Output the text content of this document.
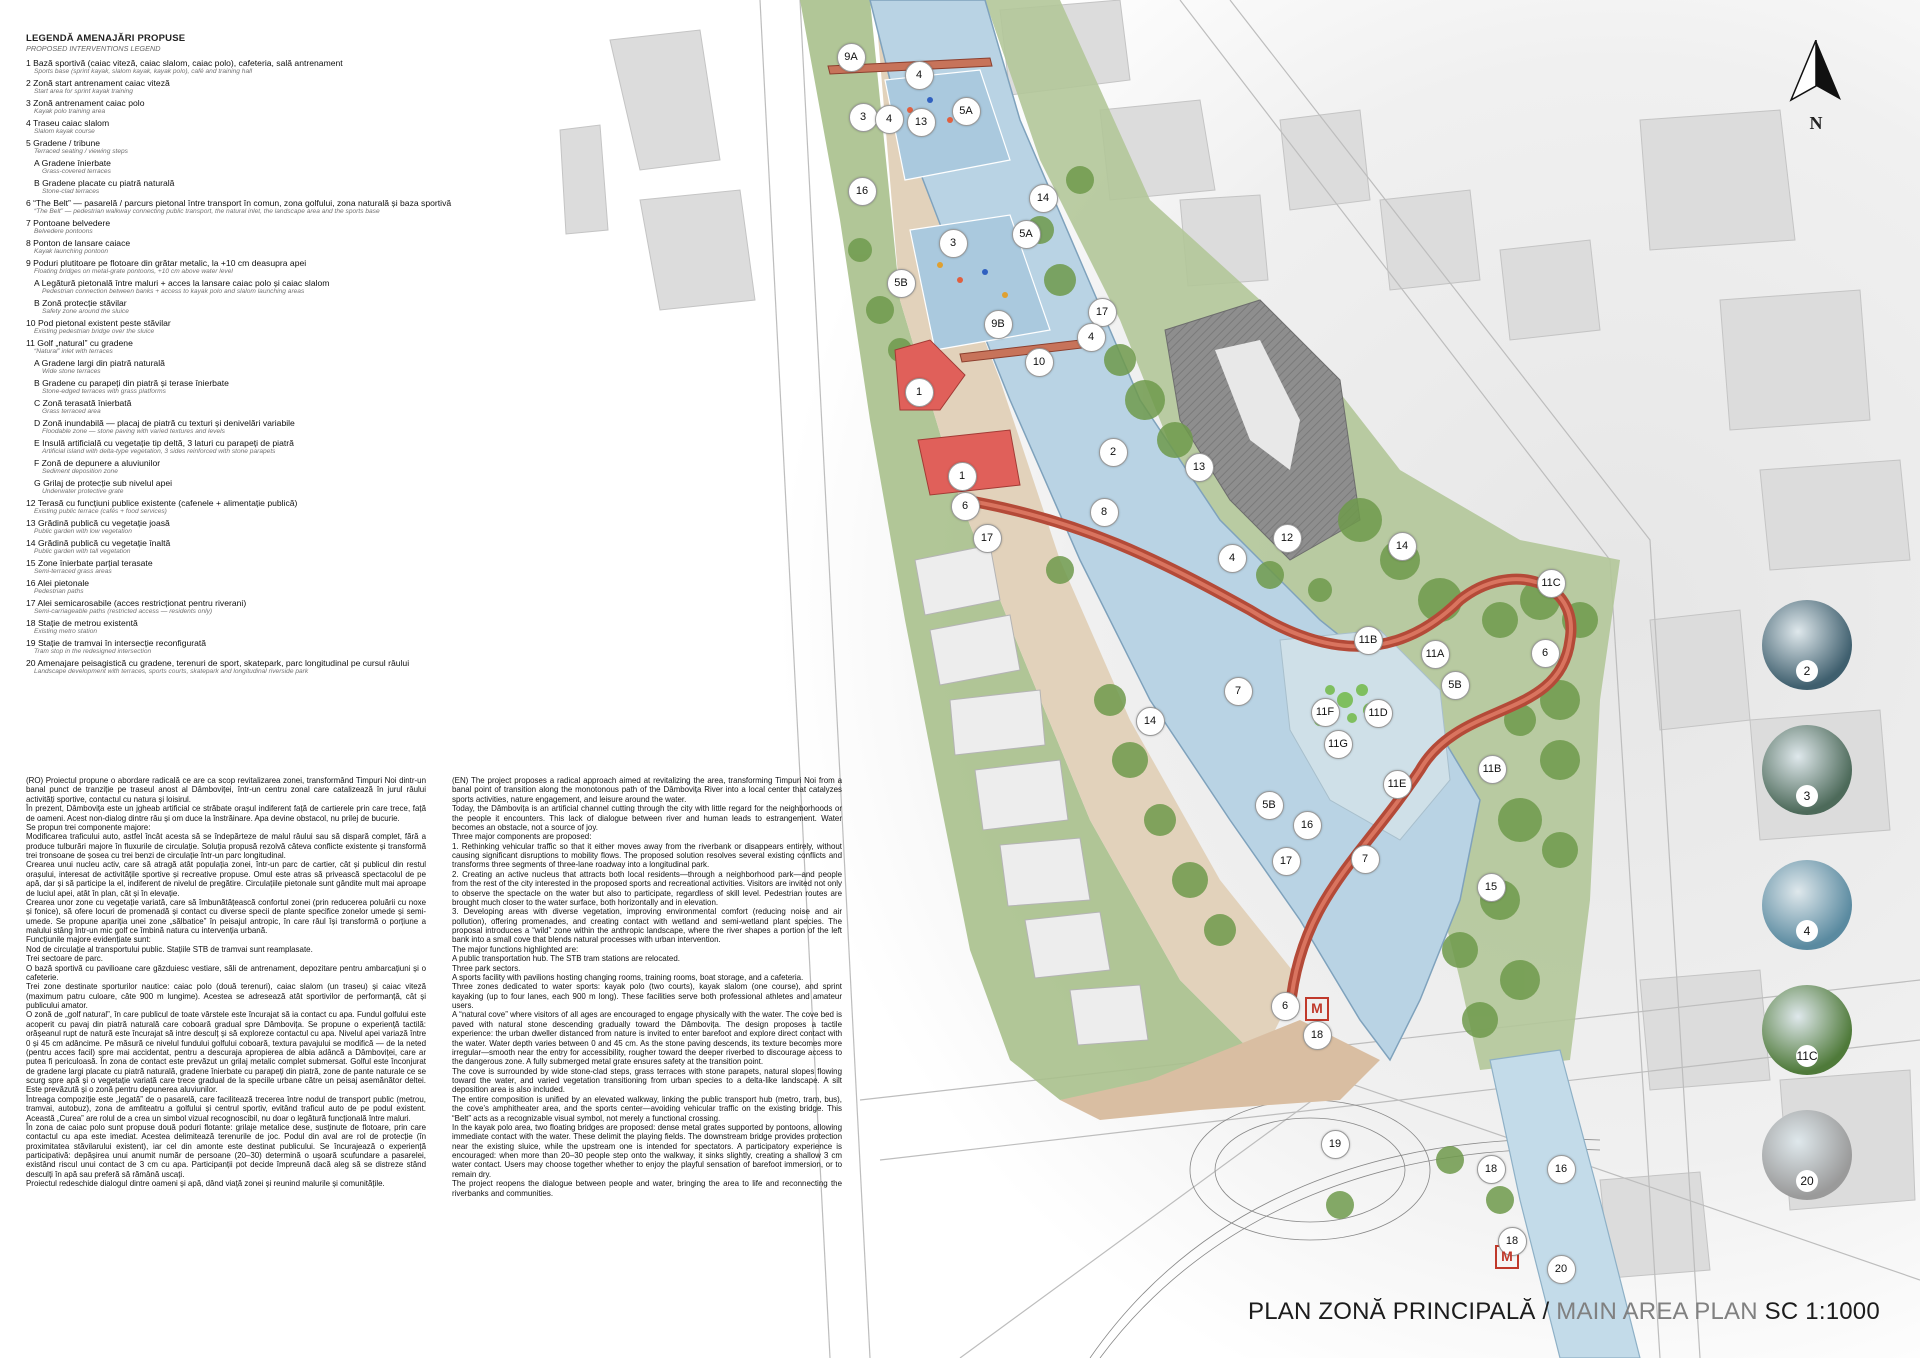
LEGENDĂ AMENAJĂRI PROPUSE
PROPOSED INTERVENTIONS LEGEND
1 Bază sportivă (caiac viteză, caiac slalom, caiac polo), cafeteria, sală antrenament
Sports base (sprint kayak, slalom kayak, kayak polo), café and training hall
2 Zonă start antrenament caiac viteză
Start area for sprint kayak training
3 Zonă antrenament caiac polo
Kayak polo training area
4 Traseu caiac slalom
Slalom kayak course
5 Gradene / tribune
Terraced seating / viewing steps
A Gradene înierbate
Grass-covered terraces
B Gradene placate cu piatră naturală
Stone-clad terraces
6 “The Belt” — pasarelă / parcurs pietonal între transport în comun, zona golfului, zona naturală și baza sportivă
“The Belt” — pedestrian walkway connecting public transport, the natural inlet, the landscape area and the sports base
7 Pontoane belvedere
Belvedere pontoons
8 Ponton de lansare caiace
Kayak launching pontoon
9 Poduri plutitoare pe flotoare din grătar metalic, la +10 cm deasupra apei
Floating bridges on metal-grate pontoons, +10 cm above water level
A Legătură pietonală între maluri + acces la lansare caiac polo și caiac slalom
Pedestrian connection between banks + access to kayak polo and slalom launching areas
B Zonă protecție stăvilar
Safety zone around the sluice
10 Pod pietonal existent peste stăvilar
Existing pedestrian bridge over the sluice
11 Golf „natural” cu gradene
“Natural” inlet with terraces
A Gradene largi din piatră naturală
Wide stone terraces
B Gradene cu parapeți din piatră și terase înierbate
Stone-edged terraces with grass platforms
C Zonă terasată înierbată
Grass terraced area
D Zonă inundabilă — placaj de piatră cu texturi și denivelări variabile
Floodable zone — stone paving with varied textures and levels
E Insulă artificială cu vegetație tip deltă, 3 laturi cu parapeți de piatră
Artificial island with delta-type vegetation, 3 sides reinforced with stone parapets
F Zonă de depunere a aluviunilor
Sediment deposition zone
G Grilaj de protecție sub nivelul apei
Underwater protective grate
12 Terasă cu funcțiuni publice existente (cafenele + alimentație publică)
Existing public terrace (cafés + food services)
13 Grădină publică cu vegetație joasă
Public garden with low vegetation
14 Grădină publică cu vegetație înaltă
Public garden with tall vegetation
15 Zone înierbate parțial terasate
Semi-terraced grass areas
16 Alei pietonale
Pedestrian paths
17 Alei semicarosabile (acces restricționat pentru riverani)
Semi-carriageable paths (restricted access — residents only)
18 Stație de metrou existentă
Existing metro station
19 Stație de tramvai în intersecție reconfigurată
Tram stop in the redesigned intersection
20 Amenajare peisagistică cu gradene, terenuri de sport, skatepark, parc longitudinal pe cursul râului
Landscape development with terraces, sports courts, skatepark and longitudinal riverside park

(RO) Proiectul propune o abordare radicală ce are ca scop revitalizarea zonei, transformând Timpuri Noi dintr-un banal punct de tranziție pe traseul anost al Dâmboviței, într-un centru zonal care catalizează în jurul râului activități sportive, contactul cu natura și loisirul.

În prezent, Dâmbovița este un jgheab artificial ce străbate orașul indiferent față de cartierele prin care trece, față de oameni. Acest non-dialog dintre râu și om duce la înstrăinare. Apa devine obstacol, nu prilej de bucurie.

Se propun trei componente majore:

Modificarea traficului auto, astfel încât acesta să se îndepărteze de malul râului sau să dispară complet, fără a produce tulburări majore în fluxurile de circulație. Soluția propusă rezolvă câteva conflicte existente și transformă trei tronsoane de șosea cu trei benzi de circulație într-un parc longitudinal.

Crearea unui nucleu activ, care să atragă atât populația zonei, într-un parc de cartier, cât și publicul din restul orașului, interesat de activitățile sportive și recreative propuse. Omul este atras să privească spectacolul de pe apă, dar și să participe la el, indiferent de nivelul de pregătire. Circulațiile pietonale sunt gândite mult mai aproape de luciul apei, atât în plan, cât și în elevație.

Crearea unor zone cu vegetație variată, care să îmbunătățească confortul zonei (prin reducerea poluării cu noxe și fonice), să ofere locuri de promenadă și contact cu diverse specii de plante specifice zonelor umede și semi-umede. Se propune apariția unei zone „sălbatice” în peisajul antropic, în care râul își transformă o porțiune a malului stâng într-un mic golf ce îmbină natura cu intervenția urbană.

Funcțiunile majore evidențiate sunt:

Nod de circulație al transportului public. Stațiile STB de tramvai sunt reamplasate.

Trei sectoare de parc.

O bază sportivă cu pavilioane care găzduiesc vestiare, săli de antrenament, depozitare pentru ambarcațiuni și o cafeterie.

Trei zone destinate sporturilor nautice: caiac polo (două terenuri), caiac slalom (un traseu) și caiac viteză (maximum patru culoare, câte 900 m lungime). Acestea se adresează atât sportivilor de performanță, cât și publicului amator.

O zonă de „golf natural”, în care publicul de toate vârstele este încurajat să ia contact cu apa. Fundul golfului este acoperit cu pavaj din piatră naturală care coboară gradual spre Dâmbovița. Se propune o experiență tactilă: orășeanul rupt de natură este încurajat să intre desculț și să exploreze contactul cu apa. Nivelul apei variază între 0 și 45 cm adâncime. Pe măsură ce nivelul fundului golfului coboară, textura pavajului se modifică — de la neted (pentru acces facil) spre mai accidentat, pentru a descuraja apropierea de albia adâncă a Dâmboviței, care ar putea fi periculoasă. În zona de contact este prevăzut un grilaj metalic complet submersat. Golful este înconjurat de gradene largi placate cu piatră naturală, gradene înierbate cu parapeți din piatră, zone de pante naturale ce se scurg spre apă și o vegetație variată care trece gradual de la speciile urbane către un peisaj asemănător deltei. Este prevăzută și o zonă pentru depunerea aluviunilor.

Întreaga compoziție este „legată” de o pasarelă, care facilitează trecerea între nodul de transport public (metrou, tramvai, autobuz), zona de amfiteatru a golfului și centrul sportiv, evitând traficul auto de pe podul existent. Această „Curea” are rolul de a crea un simbol vizual recognoscibil, nu doar o legătură funcțională între maluri.

În zona de caiac polo sunt propuse două poduri flotante: grilaje metalice dese, susținute de flotoare, prin care contactul cu apa este imediat. Acestea delimitează terenurile de joc. Podul din aval are rol de protecție (în proximitatea stăvilarului existent), iar cel din amonte este destinat publicului. Se încurajează o experiență participativă: depășirea unui anumit număr de persoane (20–30) determină o ușoară scufundare a pasarelei, existând riscul unui contact de 3 cm cu apa. Participanții pot decide împreună dacă aleg să se distreze stând desculți în apă sau preferă să rămână uscați.

Proiectul redeschide dialogul dintre oameni și apă, dând viață zonei și reunind malurile și comunitățile.

(EN) The project proposes a radical approach aimed at revitalizing the area, transforming Timpuri Noi from a banal point of transition along the monotonous path of the Dâmbovița River into a local center that catalyzes sports activities, nature engagement, and leisure around the water.

Today, the Dâmbovița is an artificial channel cutting through the city with little regard for the neighborhoods or the people it encounters. This lack of dialogue between river and human leads to estrangement. Water becomes an obstacle, not a source of joy.

Three major components are proposed:

1. Rethinking vehicular traffic so that it either moves away from the riverbank or disappears entirely, without causing significant disruptions to mobility flows. The proposed solution resolves several existing conflicts and transforms three segments of three-lane roadway into a longitudinal park.

2. Creating an active nucleus that attracts both local residents—through a neighborhood park—and people from the rest of the city interested in the proposed sports and recreational activities. Visitors are invited not only to observe the spectacle on the water but also to participate, regardless of skill level. Pedestrian routes are brought much closer to the water surface, both horizontally and in elevation.

3. Developing areas with diverse vegetation, improving environmental comfort (reducing noise and air pollution), offering promenades, and creating contact with wetland and semi-wetland plant species. The proposal introduces a “wild” zone within the anthropic landscape, where the river shapes a portion of the left bank into a small cove that blends natural processes with urban intervention.

The major functions highlighted are:

A public transportation hub. The STB tram stations are relocated.

Three park sectors.

A sports facility with pavilions hosting changing rooms, training rooms, boat storage, and a cafeteria.

Three zones dedicated to water sports: kayak polo (two courts), kayak slalom (one course), and sprint kayaking (up to four lanes, each 900 m long). These facilities serve both professional athletes and amateur users.

A “natural cove” where visitors of all ages are encouraged to engage physically with the water. The cove bed is paved with natural stone descending gradually toward the Dâmbovița. The design proposes a tactile experience: the urban dweller distanced from nature is invited to enter barefoot and explore direct contact with the water. Water depth varies between 0 and 45 cm. As the stone paving descends, its texture becomes more irregular—smooth near the entry for accessibility, rougher toward the deeper riverbed to discourage access to the dangerous zone. A fully submerged metal grate ensures safety at the transition point.

The cove is surrounded by wide stone-clad steps, grass terraces with stone parapets, natural slopes flowing toward the water, and varied vegetation transitioning from urban species to a delta-like landscape. A silt deposition area is also included.

The entire composition is unified by an elevated walkway, linking the public transport hub (metro, tram, bus), the cove’s amphitheater area, and the sports center—avoiding vehicular traffic on the existing bridge. This “Belt” acts as a recognizable visual symbol, not merely a functional crossing.

In the kayak polo area, two floating bridges are proposed: dense metal grates supported by pontoons, allowing immediate contact with the water. These delimit the playing fields. The downstream bridge provides protection near the existing sluice, while the upstream one is intended for spectators. A participatory experience is encouraged: when more than 20–30 people step onto the walkway, it sinks slightly, creating a shallow 3 cm water contact. Users may choose together whether to enjoy the playful sensation of barefoot immersion, or to remain dry.

The project reopens the dialogue between people and water, bringing the area to life and reconnecting the riverbanks and communities.

9A
4
3	4	13
5A
16
14
5A
3
5B
17
9B
4
10
1
1
2
13
6	8
17	12
14
4
11C
11B
11A	6
5B
7
11F	11D
14
11G
11B
11E
5B
16
17	7
15
6
18
19
18	16
18
20
M
M
N
2
3
4
11C
20
PLAN ZONĂ PRINCIPALĂ / MAIN AREA PLAN SC 1:1000
